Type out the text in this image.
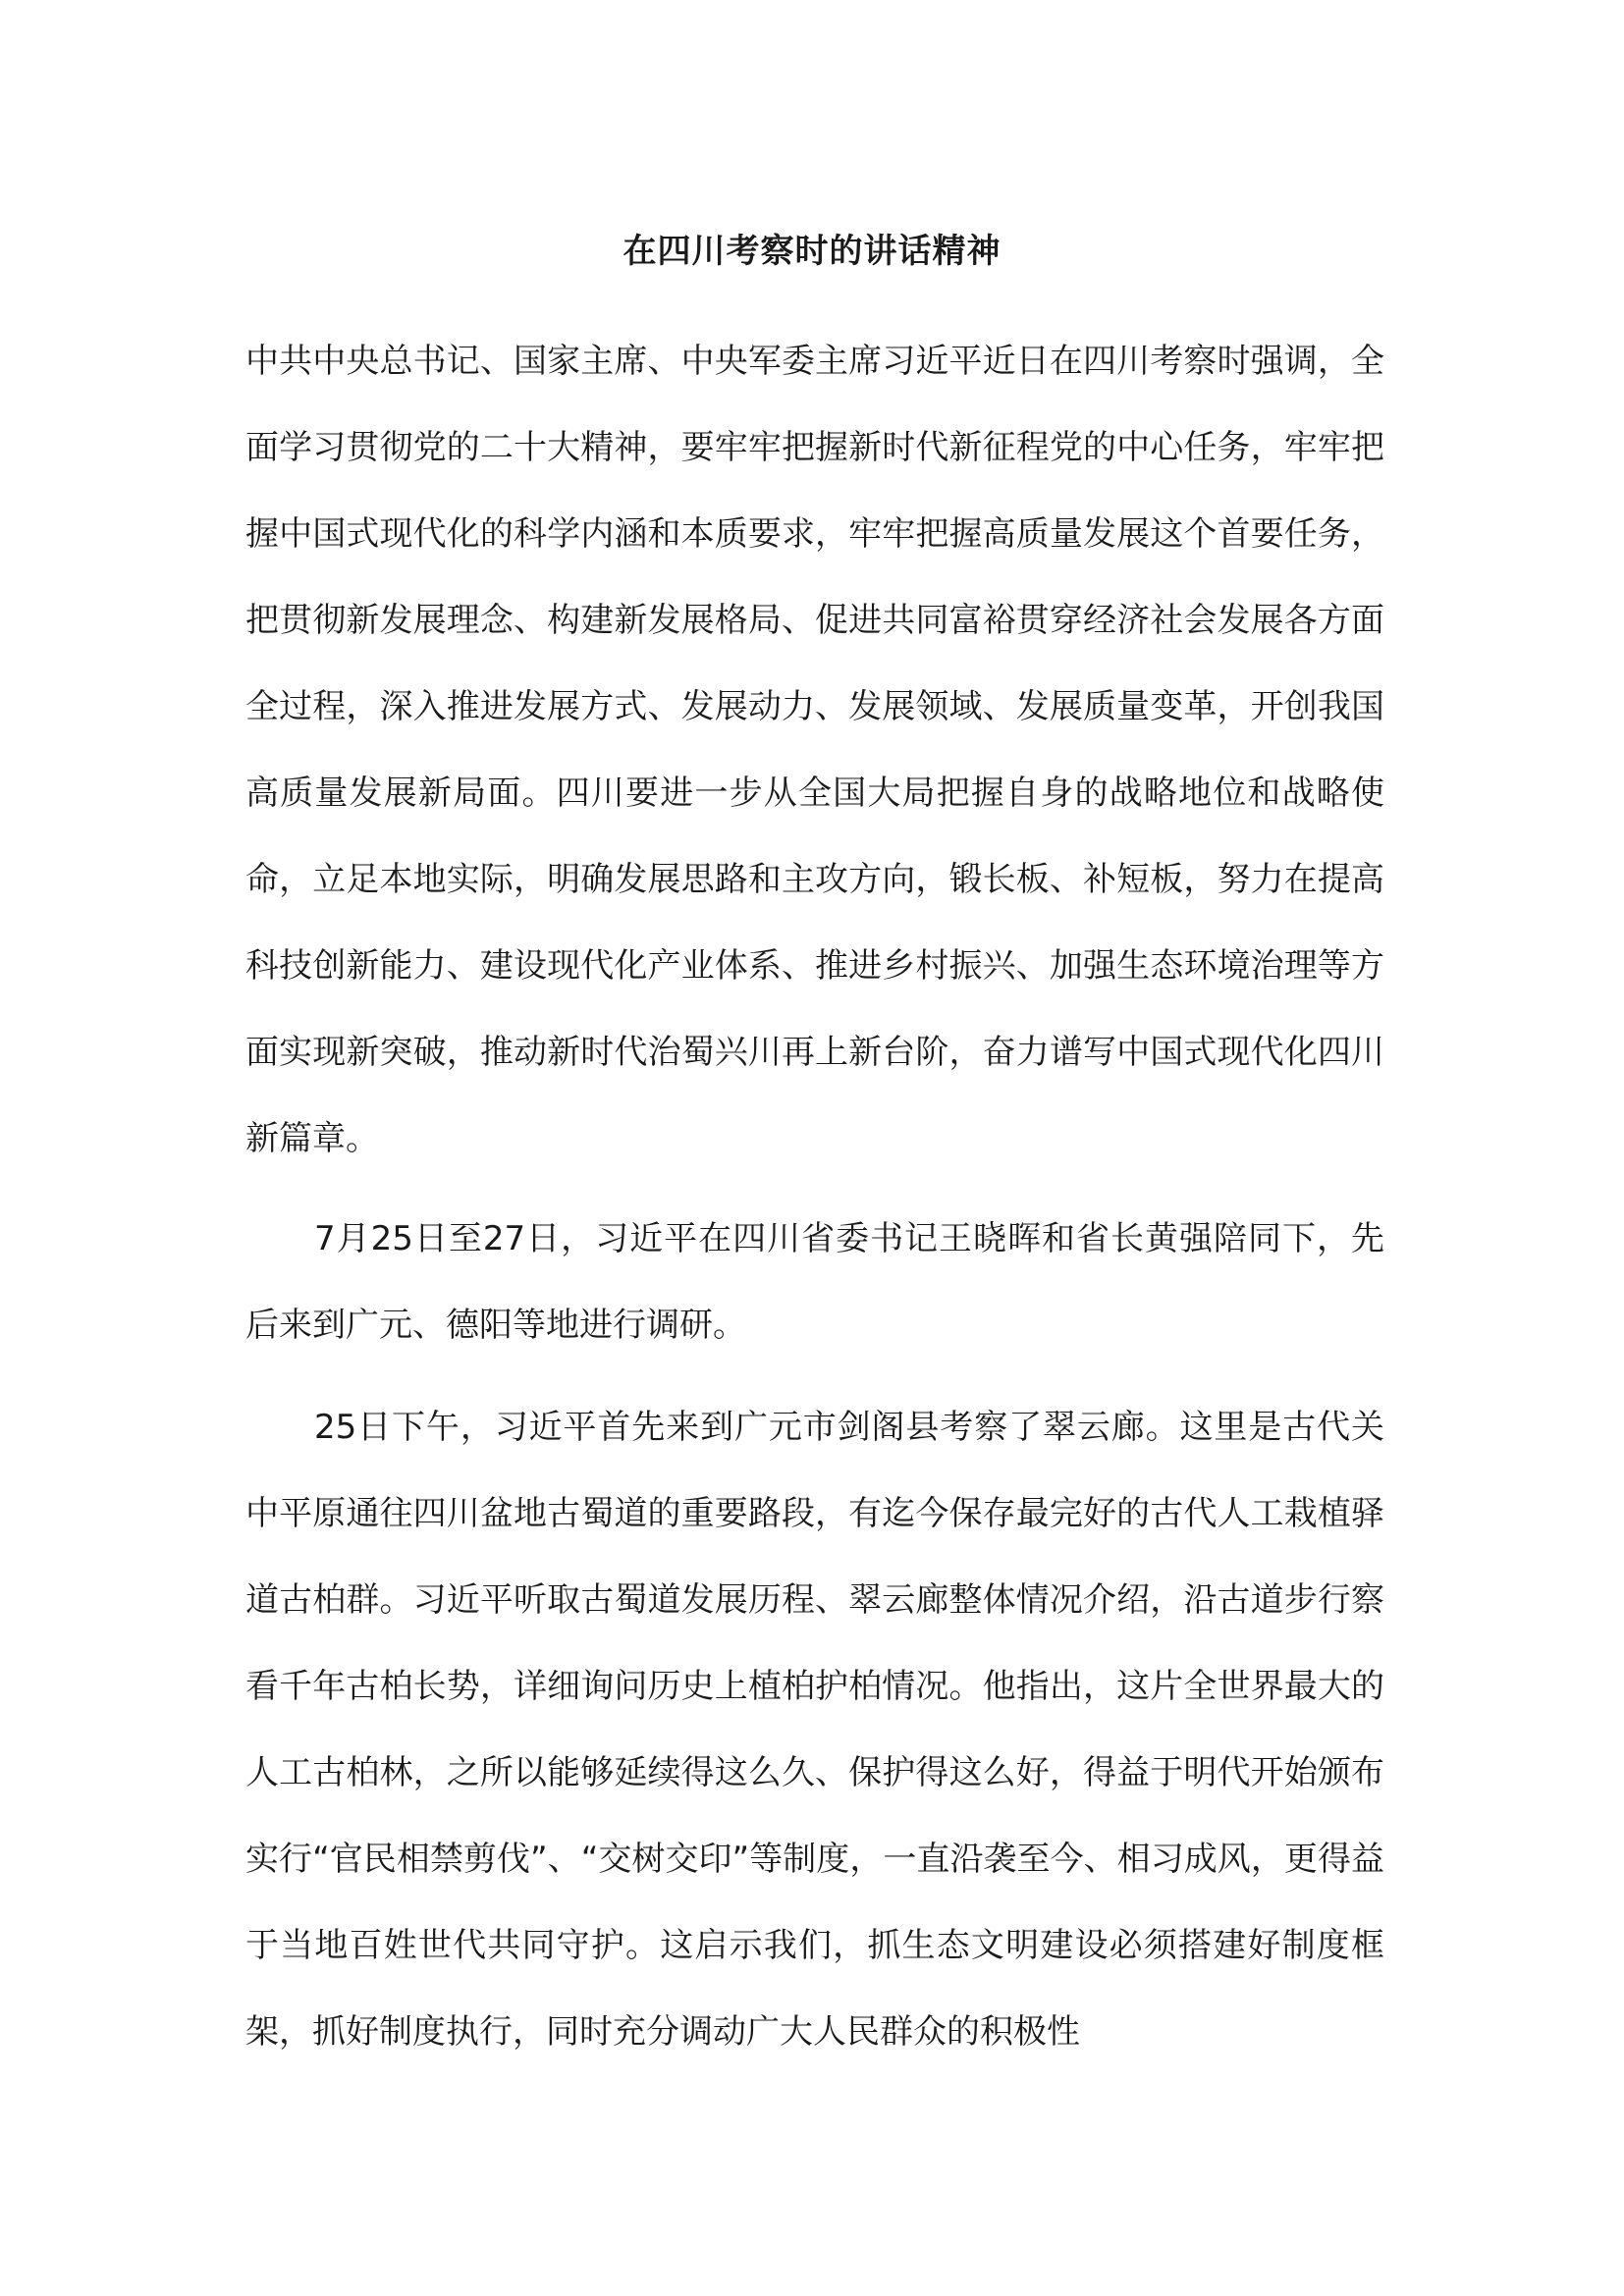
在四川考察时的讲话精神
中共中央总书记、国家主席、中央军委主席习近平近日在四川考察时强调，全面学习贯彻党的二十大精神，要牢牢把握新时代新征程党的中心任务，牢牢把握中国式现代化的科学内涵和本质要求，牢牢把握高质量发展这个首要任务，把贯彻新发展理念、构建新发展格局、促进共同富裕贯穿经济社会发展各方面全过程，深入推进发展方式、发展动力、发展领域、发展质量变革，开创我国高质量发展新局面。四川要进一步从全国大局把握自身的战略地位和战略使命，立足本地实际，明确发展思路和主攻方向，锻长板、补短板，努力在提高科技创新能力、建设现代化产业体系、推进乡村振兴、加强生态环境治理等方面实现新突破，推动新时代治蜀兴川再上新台阶，奋力谱写中国式现代化四川新篇章。
7月25日至27日，习近平在四川省委书记王晓晖和省长黄强陪同下，先后来到广元、德阳等地进行调研。
25日下午，习近平首先来到广元市剑阁县考察了翠云廊。这里是古代关中平原通往四川盆地古蜀道的重要路段，有迄今保存最完好的古代人工栽植驿道古柏群。习近平听取古蜀道发展历程、翠云廊整体情况介绍，沿古道步行察看千年古柏长势，详细询问历史上植柏护柏情况。他指出，这片全世界最大的人工古柏林，之所以能够延续得这么久、保护得这么好，得益于明代开始颁布实行“官民相禁剪伐”、“交树交印”等制度，一直沿袭至今、相习成风，更得益于当地百姓世代共同守护。这启示我们，抓生态文明建设必须搭建好制度框架，抓好制度执行，同时充分调动广大人民群众的积极性
